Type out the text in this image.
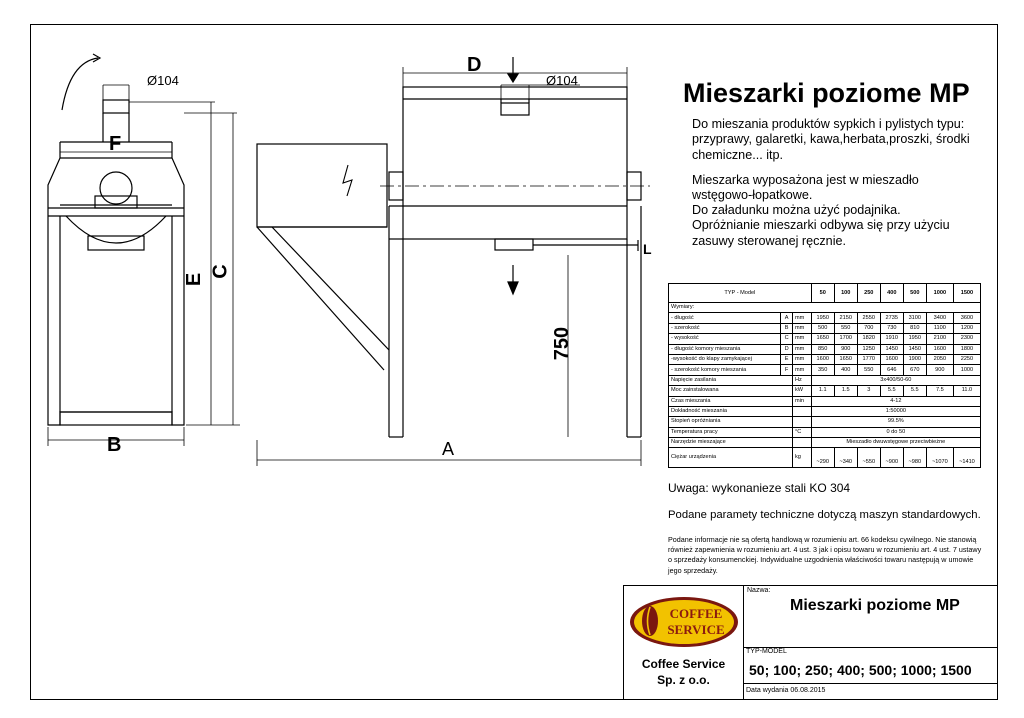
Ø104	Ø104
F
D
E
C
B	A
L
750
Mieszarki poziome MP
Do mieszania produktów sypkich i pylistych typu: przyprawy, galaretki, kawa,herbata,proszki, środki chemiczne... itp.
Mieszarka wyposażona jest w mieszadło wstęgowo-łopatkowe.
Do załadunku można użyć podajnika. Opróżnianie mieszarki odbywa się przy użyciu zasuwy sterowanej ręcznie.
TYP - Model			50	100	250	400	500	1000	1500
Wymiary:									
- długość	A	mm	1950	2150	2550	2735	3100	3400	3600
- szerokość	B	mm	500	550	700	730	810	1100	1200
- wysokość	C	mm	1650	1700	1820	1910	1950	2100	2300
- długość komory mieszania	D	mm	850	900	1250	1450	1450	1600	1800
-wysokość do klapy zamykającej	E	mm	1600	1650	1770	1600	1900	2050	2250
- szerokość komory mieszania	F	mm	350	400	550	646	670	900	1000
Napięcie zasilania		Hz	3x400/50-60						
Moc zainstalowana		kW	1.1	1.5	3	5.5	5.5	7.5	11.0
Czas mieszania		min	4-12						
Dokładność mieszania			1:50000						
Stopień opróżniania			99.5%						
Temperatura pracy		°C	0 do 50						
Narzędzie mieszające			Mieszadło dwuwstęgowe przeciwbieżne						
Ciężar urządzenia		kg	~290	~340	~550	~900	~980	~1070	~1410
Uwaga: wykonanieze stali KO 304
Podane paramety techniczne dotyczą maszyn standardowych.
Podane informacje nie są ofertą handlową w rozumieniu art. 66 kodeksu cywilnego. Nie stanowią również zapewnienia w rozumieniu art. 4 ust. 3 jak i opisu towaru w rozumieniu art. 4 ust. 7 ustawy o sprzedaży konsumenckiej. Indywidualne uzgodnienia właściwości towaru następują w umowie jego sprzedaży.
COFFEE
SERVICE
Coffee Service
Sp. z o.o.
Nazwa:
Mieszarki poziome MP
TYP-MODEL
50; 100; 250; 400; 500; 1000; 1500
Data wydania 06.08.2015
